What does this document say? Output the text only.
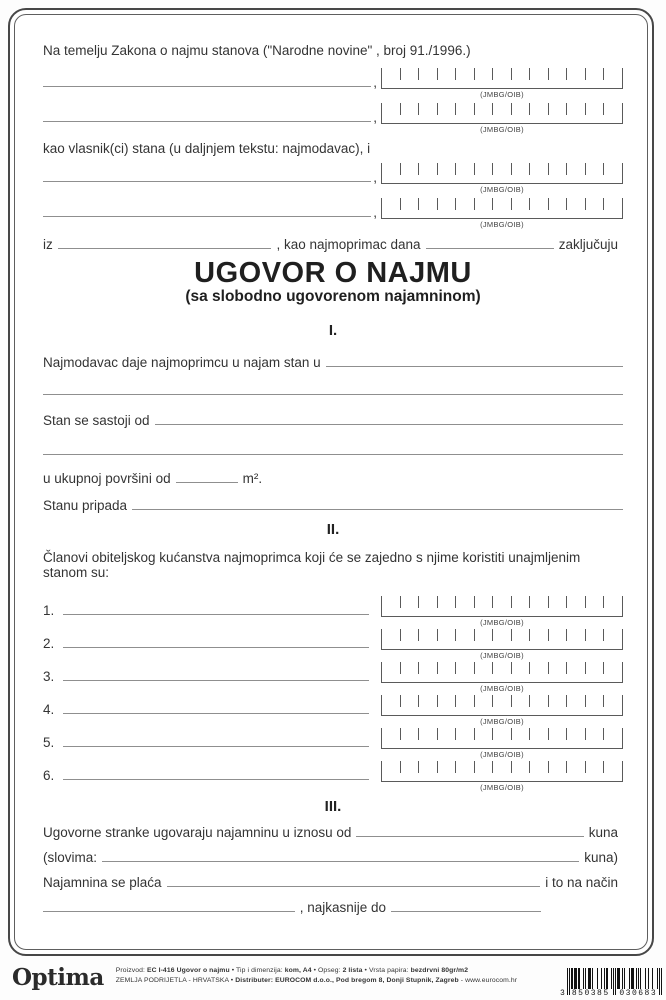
Na temelju Zakona o najmu stanova ("Narodne novine" , broj 91./1996.)
,
(JMBG/OIB)
,
(JMBG/OIB)
kao vlasnik(ci) stana (u daljnjem tekstu: najmodavac), i
,
(JMBG/OIB)
,
(JMBG/OIB)
iz	, kao najmoprimac dana	zaključuju
UGOVOR O NAJMU
(sa slobodno ugovorenom najamninom)
I.
Najmodavac daje najmoprimcu u najam stan u
Stan se sastoji od
u ukupnoj površini od	m².
Stanu pripada
II.
Članovi obiteljskog kućanstva najmoprimca koji će se zajedno s njime koristiti unajmljenim stanom su:
1.
(JMBG/OIB)
2.
(JMBG/OIB)
3.
(JMBG/OIB)
4.
(JMBG/OIB)
5.
(JMBG/OIB)
6.
(JMBG/OIB)
III.
Ugovorne stranke ugovaraju najamninu u iznosu od	kuna
(slovima:	kuna)
Najamnina se plaća	i to na način
, najkasnije do
Optima Proizvod: EC I-416 Ugovor o najmu • Tip i dimenzija: kom, A4 • Opseg: 2 lista • Vrsta papira: bezdrvni 80gr/m2
ZEMLJA PODRIJETLA - HRVATSKA • Distributer: EUROCOM d.o.o., Pod bregom 8, Donji Stupnik, Zagreb - www.eurocom.hr
3 850385	030683
